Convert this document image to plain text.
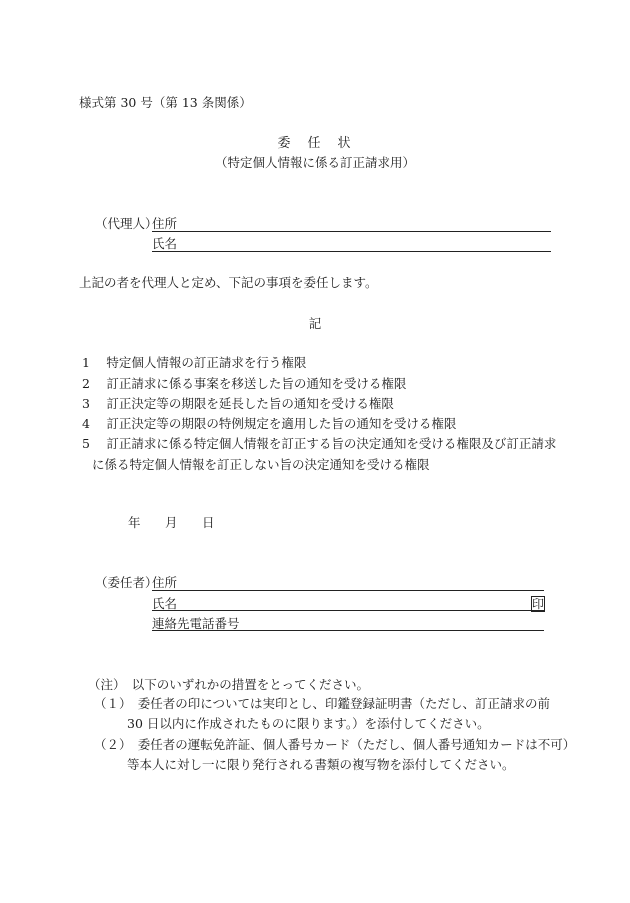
様式第 30 号（第 13 条関係）
委　任　状
（特定個人情報に係る訂正請求用）
（代理人）
住所
氏名
上記の者を代理人と定め、下記の事項を委任します。
記
1　 特定個人情報の訂正請求を行う権限
2　 訂正請求に係る事案を移送した旨の通知を受ける権限
3　 訂正決定等の期限を延長した旨の通知を受ける権限
4　 訂正決定等の期限の特例規定を適用した旨の通知を受ける権限
5　 訂正請求に係る特定個人情報を訂正する旨の決定通知を受ける権限及び訂正請求
に係る特定個人情報を訂正しない旨の決定通知を受ける権限
年　月　日
（委任者）
住所
氏名	印
連絡先電話番号
（注）　以下のいずれかの措置をとってください。
（１）　委任者の印については実印とし、印鑑登録証明書（ただし、訂正請求の前
30 日以内に作成されたものに限ります。）を添付してください。
（２）　委任者の運転免許証、個人番号カード（ただし、個人番号通知カードは不可）
等本人に対し一に限り発行される書類の複写物を添付してください。
